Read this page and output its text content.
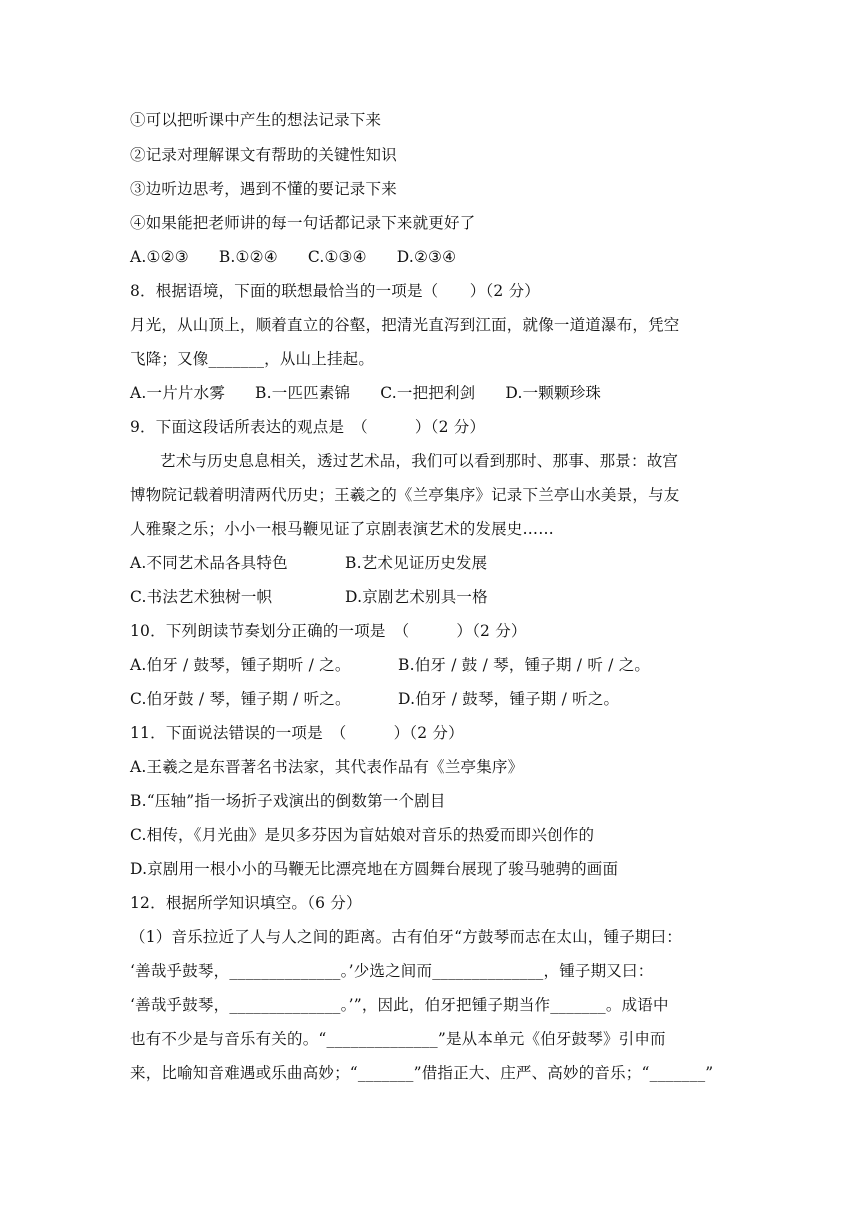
①可以把听课中产生的想法记录下来
②记录对理解课文有帮助的关键性知识
③边听边思考，遇到不懂的要记录下来
④如果能把老师讲的每一句话都记录下来就更好了
A.①②③ B.①②④ C.①③④ D.②③④
8．根据语境，下面的联想最恰当的一项是（　　）（2 分）
月光，从山顶上，顺着直立的谷壑，把清光直泻到江面，就像一道道瀑布，凭空
飞降；又像_______，从山上挂起。
A.一片片水雾 B.一匹匹素锦 C.一把把利剑 D.一颗颗珍珠
9．下面这段话所表达的观点是　（　　　）（2 分）
艺术与历史息息相关，透过艺术品，我们可以看到那时、那事、那景：故宫
博物院记载着明清两代历史；王羲之的《兰亭集序》记录下兰亭山水美景，与友
人雅聚之乐；小小一根马鞭见证了京剧表演艺术的发展史……
A.不同艺术品各具特色	B.艺术见证历史发展
C.书法艺术独树一帜	D.京剧艺术别具一格
10．下列朗读节奏划分正确的一项是　（　　　）（2 分）
A.伯牙 / 鼓琴，锺子期听 / 之。	B.伯牙 / 鼓 / 琴，锺子期 / 听 / 之。
C.伯牙鼓 / 琴，锺子期 / 听之。	D.伯牙 / 鼓琴，锺子期 / 听之。
11．下面说法错误的一项是　（　　　）（2 分）
A.王羲之是东晋著名书法家，其代表作品有《兰亭集序》
B.“压轴”指一场折子戏演出的倒数第一个剧目
C.相传，《月光曲》是贝多芬因为盲姑娘对音乐的热爱而即兴创作的
D.京剧用一根小小的马鞭无比漂亮地在方圆舞台展现了骏马驰骋的画面
12．根据所学知识填空。（6 分）
（1）音乐拉近了人与人之间的距离。古有伯牙“方鼓琴而志在太山，锺子期曰：
‘善哉乎鼓琴，______________。’少选之间而______________，锺子期又曰：
‘善哉乎鼓琴，______________。’”，因此，伯牙把锺子期当作_______。成语中
也有不少是与音乐有关的。“______________”是从本单元《伯牙鼓琴》引申而
来，比喻知音难遇或乐曲高妙；“_______”借指正大、庄严、高妙的音乐；“_______”
